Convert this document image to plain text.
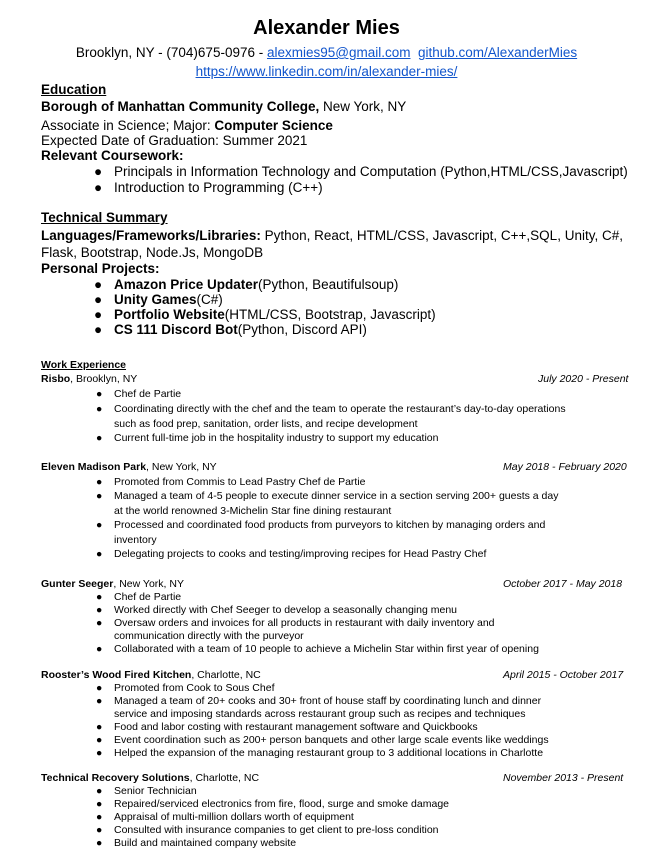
Alexander Mies
Brooklyn, NY - (704)675-0976 - alexmies95@gmail.com github.com/AlexanderMies
https://www.linkedin.com/in/alexander-mies/
Education
Borough of Manhattan Community College, New York, NY
Associate in Science; Major: Computer Science
Expected Date of Graduation: Summer 2021
Relevant Coursework:
● Principals in Information Technology and Computation (Python,HTML/CSS,Javascript)
● Introduction to Programming (C++)
Technical Summary
Languages/Frameworks/Libraries: Python, React, HTML/CSS, Javascript, C++,SQL, Unity, C#,
Flask, Bootstrap, Node.Js, MongoDB
Personal Projects:
● Amazon Price Updater(Python, Beautifulsoup)
● Unity Games(C#)
● Portfolio Website(HTML/CSS, Bootstrap, Javascript)
● CS 111 Discord Bot(Python, Discord API)
Work Experience
Risbo, Brooklyn, NY	July 2020 - Present
● Chef de Partie
● Coordinating directly with the chef and the team to operate the restaurant’s day-to-day operations
such as food prep, sanitation, order lists, and recipe development
● Current full-time job in the hospitality industry to support my education
Eleven Madison Park, New York, NY	May 2018 - February 2020
● Promoted from Commis to Lead Pastry Chef de Partie
● Managed a team of 4-5 people to execute dinner service in a section serving 200+ guests a day
at the world renowned 3-Michelin Star fine dining restaurant
● Processed and coordinated food products from purveyors to kitchen by managing orders and
inventory
● Delegating projects to cooks and testing/improving recipes for Head Pastry Chef
Gunter Seeger, New York, NY	October 2017 - May 2018
● Chef de Partie
● Worked directly with Chef Seeger to develop a seasonally changing menu
● Oversaw orders and invoices for all products in restaurant with daily inventory and
communication directly with the purveyor
● Collaborated with a team of 10 people to achieve a Michelin Star within first year of opening
Rooster’s Wood Fired Kitchen, Charlotte, NC	April 2015 - October 2017
● Promoted from Cook to Sous Chef
● Managed a team of 20+ cooks and 30+ front of house staff by coordinating lunch and dinner
service and imposing standards across restaurant group such as recipes and techniques
● Food and labor costing with restaurant management software and Quickbooks
● Event coordination such as 200+ person banquets and other large scale events like weddings
● Helped the expansion of the managing restaurant group to 3 additional locations in Charlotte
Technical Recovery Solutions, Charlotte, NC	November 2013 - Present
● Senior Technician
● Repaired/serviced electronics from fire, flood, surge and smoke damage
● Appraisal of multi-million dollars worth of equipment
● Consulted with insurance companies to get client to pre-loss condition
● Build and maintained company website
